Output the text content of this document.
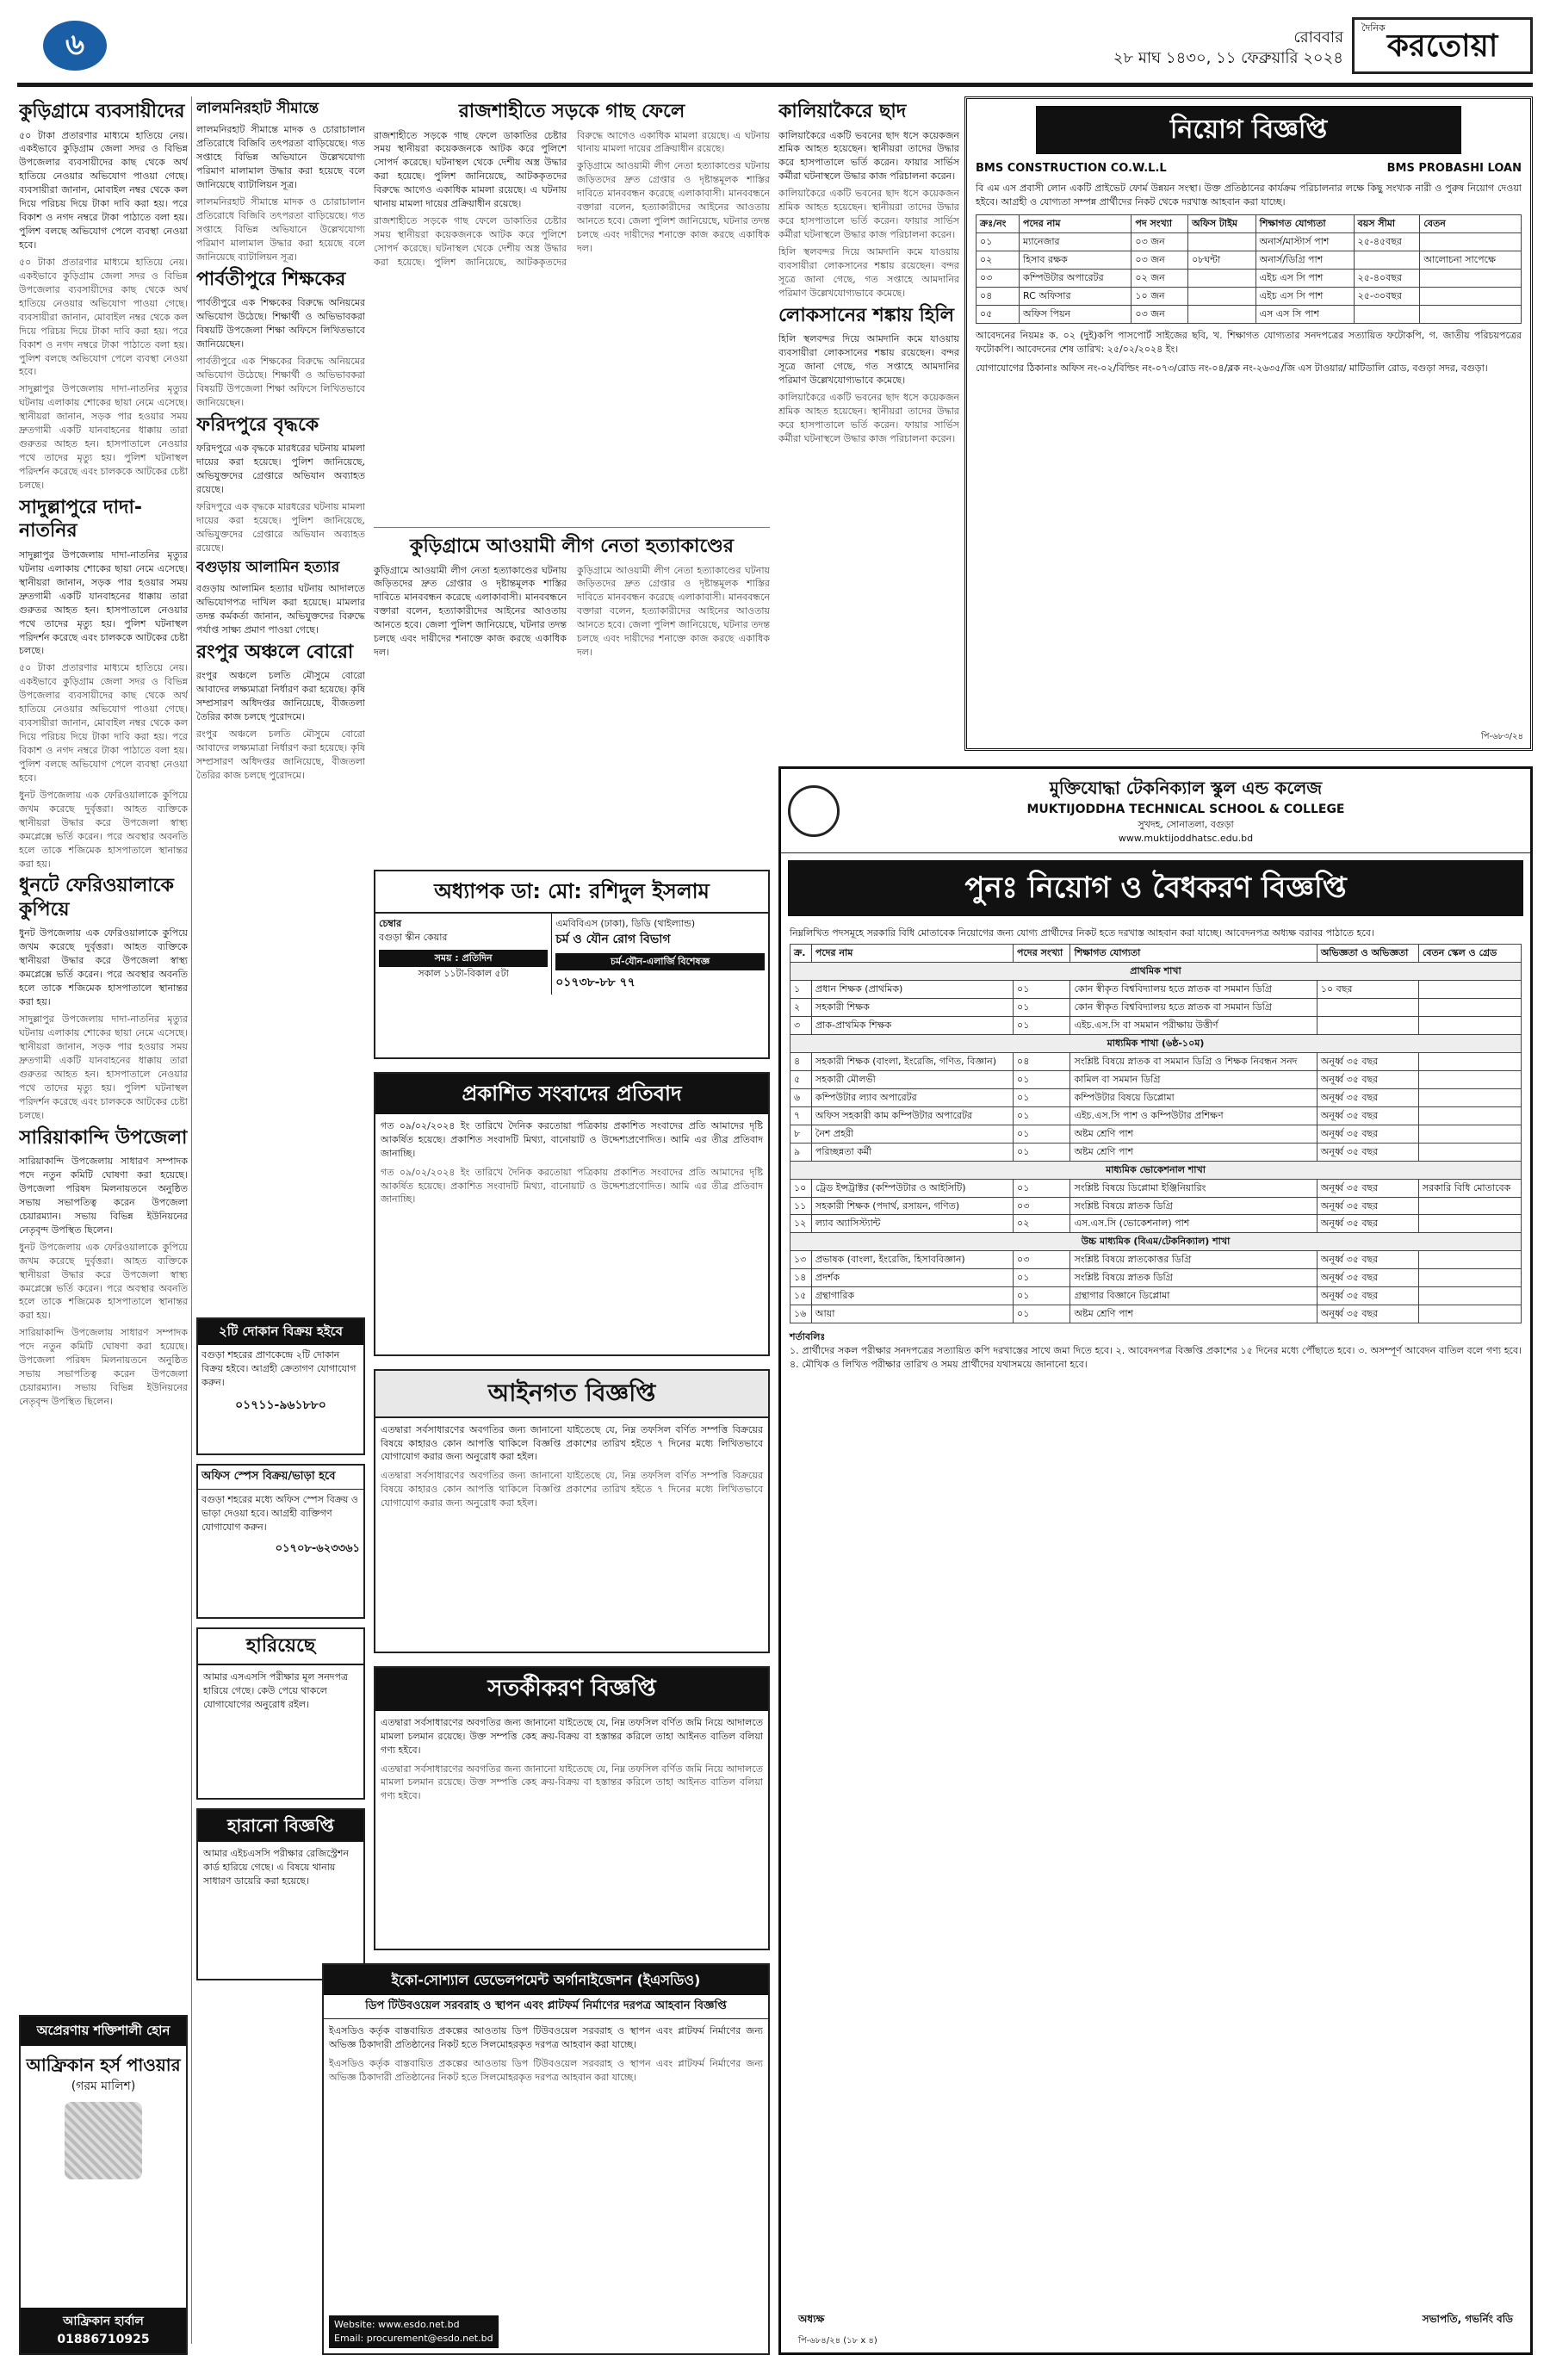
৬	রোববার
২৮ মাঘ ১৪৩০, ১১ ফেব্রুয়ারি ২০২৪
দৈনিক করতোয়া
কুড়িগ্রামে ব্যবসায়ীদের

৫০ টাকা প্রতারণার মাধ্যমে হাতিয়ে নেয়। একইভাবে কুড়িগ্রাম জেলা সদর ও বিভিন্ন উপজেলার ব্যবসায়ীদের কাছ থেকে অর্থ হাতিয়ে নেওয়ার অভিযোগ পাওয়া গেছে। ব্যবসায়ীরা জানান, মোবাইল নম্বর থেকে কল দিয়ে পরিচয় দিয়ে টাকা দাবি করা হয়। পরে বিকাশ ও নগদ নম্বরে টাকা পাঠাতে বলা হয়। পুলিশ বলছে অভিযোগ পেলে ব্যবস্থা নেওয়া হবে।

৫০ টাকা প্রতারণার মাধ্যমে হাতিয়ে নেয়। একইভাবে কুড়িগ্রাম জেলা সদর ও বিভিন্ন উপজেলার ব্যবসায়ীদের কাছ থেকে অর্থ হাতিয়ে নেওয়ার অভিযোগ পাওয়া গেছে। ব্যবসায়ীরা জানান, মোবাইল নম্বর থেকে কল দিয়ে পরিচয় দিয়ে টাকা দাবি করা হয়। পরে বিকাশ ও নগদ নম্বরে টাকা পাঠাতে বলা হয়। পুলিশ বলছে অভিযোগ পেলে ব্যবস্থা নেওয়া হবে।

সাদুল্লাপুর উপজেলায় দাদা-নাতনির মৃত্যুর ঘটনায় এলাকায় শোকের ছায়া নেমে এসেছে। স্থানীয়রা জানান, সড়ক পার হওয়ার সময় দ্রুতগামী একটি যানবাহনের ধাক্কায় তারা গুরুতর আহত হন। হাসপাতালে নেওয়ার পথে তাদের মৃত্যু হয়। পুলিশ ঘটনাস্থল পরিদর্শন করেছে এবং চালককে আটকের চেষ্টা চলছে।

সাদুল্লাপুরে দাদা-নাতনির

সাদুল্লাপুর উপজেলায় দাদা-নাতনির মৃত্যুর ঘটনায় এলাকায় শোকের ছায়া নেমে এসেছে। স্থানীয়রা জানান, সড়ক পার হওয়ার সময় দ্রুতগামী একটি যানবাহনের ধাক্কায় তারা গুরুতর আহত হন। হাসপাতালে নেওয়ার পথে তাদের মৃত্যু হয়। পুলিশ ঘটনাস্থল পরিদর্শন করেছে এবং চালককে আটকের চেষ্টা চলছে।

৫০ টাকা প্রতারণার মাধ্যমে হাতিয়ে নেয়। একইভাবে কুড়িগ্রাম জেলা সদর ও বিভিন্ন উপজেলার ব্যবসায়ীদের কাছ থেকে অর্থ হাতিয়ে নেওয়ার অভিযোগ পাওয়া গেছে। ব্যবসায়ীরা জানান, মোবাইল নম্বর থেকে কল দিয়ে পরিচয় দিয়ে টাকা দাবি করা হয়। পরে বিকাশ ও নগদ নম্বরে টাকা পাঠাতে বলা হয়। পুলিশ বলছে অভিযোগ পেলে ব্যবস্থা নেওয়া হবে।

ধুনট উপজেলায় এক ফেরিওয়ালাকে কুপিয়ে জখম করেছে দুর্বৃত্তরা। আহত ব্যক্তিকে স্থানীয়রা উদ্ধার করে উপজেলা স্বাস্থ্য কমপ্লেক্সে ভর্তি করেন। পরে অবস্থার অবনতি হলে তাকে শজিমেক হাসপাতালে স্থানান্তর করা হয়।

ধুনটে ফেরিওয়ালাকে কুপিয়ে

ধুনট উপজেলায় এক ফেরিওয়ালাকে কুপিয়ে জখম করেছে দুর্বৃত্তরা। আহত ব্যক্তিকে স্থানীয়রা উদ্ধার করে উপজেলা স্বাস্থ্য কমপ্লেক্সে ভর্তি করেন। পরে অবস্থার অবনতি হলে তাকে শজিমেক হাসপাতালে স্থানান্তর করা হয়।

সাদুল্লাপুর উপজেলায় দাদা-নাতনির মৃত্যুর ঘটনায় এলাকায় শোকের ছায়া নেমে এসেছে। স্থানীয়রা জানান, সড়ক পার হওয়ার সময় দ্রুতগামী একটি যানবাহনের ধাক্কায় তারা গুরুতর আহত হন। হাসপাতালে নেওয়ার পথে তাদের মৃত্যু হয়। পুলিশ ঘটনাস্থল পরিদর্শন করেছে এবং চালককে আটকের চেষ্টা চলছে।

সারিয়াকান্দি উপজেলা

সারিয়াকান্দি উপজেলায় সাধারণ সম্পাদক পদে নতুন কমিটি ঘোষণা করা হয়েছে। উপজেলা পরিষদ মিলনায়তনে অনুষ্ঠিত সভায় সভাপতিত্ব করেন উপজেলা চেয়ারম্যান। সভায় বিভিন্ন ইউনিয়নের নেতৃবৃন্দ উপস্থিত ছিলেন।

ধুনট উপজেলায় এক ফেরিওয়ালাকে কুপিয়ে জখম করেছে দুর্বৃত্তরা। আহত ব্যক্তিকে স্থানীয়রা উদ্ধার করে উপজেলা স্বাস্থ্য কমপ্লেক্সে ভর্তি করেন। পরে অবস্থার অবনতি হলে তাকে শজিমেক হাসপাতালে স্থানান্তর করা হয়।

সারিয়াকান্দি উপজেলায় সাধারণ সম্পাদক পদে নতুন কমিটি ঘোষণা করা হয়েছে। উপজেলা পরিষদ মিলনায়তনে অনুষ্ঠিত সভায় সভাপতিত্ব করেন উপজেলা চেয়ারম্যান। সভায় বিভিন্ন ইউনিয়নের নেতৃবৃন্দ উপস্থিত ছিলেন।

অপ্রেরণায় শক্তিশালী হোন
আফ্রিকান হর্স পাওয়ার
(গরম মালিশ)
আফ্রিকান হার্বাল 01886710925
লালমনিরহাট সীমান্তে

লালমনিরহাট সীমান্তে মাদক ও চোরাচালান প্রতিরোধে বিজিবি তৎপরতা বাড়িয়েছে। গত সপ্তাহে বিভিন্ন অভিযানে উল্লেখযোগ্য পরিমাণ মালামাল উদ্ধার করা হয়েছে বলে জানিয়েছে ব্যাটালিয়ন সূত্র।

লালমনিরহাট সীমান্তে মাদক ও চোরাচালান প্রতিরোধে বিজিবি তৎপরতা বাড়িয়েছে। গত সপ্তাহে বিভিন্ন অভিযানে উল্লেখযোগ্য পরিমাণ মালামাল উদ্ধার করা হয়েছে বলে জানিয়েছে ব্যাটালিয়ন সূত্র।

পার্বতীপুরে শিক্ষকের

পার্বতীপুরে এক শিক্ষকের বিরুদ্ধে অনিয়মের অভিযোগ উঠেছে। শিক্ষার্থী ও অভিভাবকরা বিষয়টি উপজেলা শিক্ষা অফিসে লিখিতভাবে জানিয়েছেন।

পার্বতীপুরে এক শিক্ষকের বিরুদ্ধে অনিয়মের অভিযোগ উঠেছে। শিক্ষার্থী ও অভিভাবকরা বিষয়টি উপজেলা শিক্ষা অফিসে লিখিতভাবে জানিয়েছেন।

ফরিদপুরে বৃদ্ধকে

ফরিদপুরে এক বৃদ্ধকে মারধরের ঘটনায় মামলা দায়ের করা হয়েছে। পুলিশ জানিয়েছে, অভিযুক্তদের গ্রেপ্তারে অভিযান অব্যাহত রয়েছে।

ফরিদপুরে এক বৃদ্ধকে মারধরের ঘটনায় মামলা দায়ের করা হয়েছে। পুলিশ জানিয়েছে, অভিযুক্তদের গ্রেপ্তারে অভিযান অব্যাহত রয়েছে।

বগুড়ায় আলামিন হত্যার

বগুড়ায় আলামিন হত্যার ঘটনায় আদালতে অভিযোগপত্র দাখিল করা হয়েছে। মামলার তদন্ত কর্মকর্তা জানান, অভিযুক্তদের বিরুদ্ধে পর্যাপ্ত সাক্ষ্য প্রমাণ পাওয়া গেছে।

রংপুর অঞ্চলে বোরো

রংপুর অঞ্চলে চলতি মৌসুমে বোরো আবাদের লক্ষ্যমাত্রা নির্ধারণ করা হয়েছে। কৃষি সম্প্রসারণ অধিদপ্তর জানিয়েছে, বীজতলা তৈরির কাজ চলছে পুরোদমে।

রংপুর অঞ্চলে চলতি মৌসুমে বোরো আবাদের লক্ষ্যমাত্রা নির্ধারণ করা হয়েছে। কৃষি সম্প্রসারণ অধিদপ্তর জানিয়েছে, বীজতলা তৈরির কাজ চলছে পুরোদমে।

২টি দোকান বিক্রয় হইবে
বগুড়া শহরের প্রাণকেন্দ্রে ২টি দোকান বিক্রয় হইবে। আগ্রহী ক্রেতাগণ যোগাযোগ করুন।
০১৭১১-৯৬১৮৮০
অফিস স্পেস বিক্রয়/ভাড়া হবে
বগুড়া শহরের মধ্যে অফিস স্পেস বিক্রয় ও ভাড়া দেওয়া হবে। আগ্রহী ব্যক্তিগণ যোগাযোগ করুন।
০১৭০৮-৬২৩৩৬১
হারিয়েছে
আমার এসএসসি পরীক্ষার মূল সনদপত্র হারিয়ে গেছে। কেউ পেয়ে থাকলে যোগাযোগের অনুরোধ রইল।
হারানো বিজ্ঞপ্তি
আমার এইচএসসি পরীক্ষার রেজিস্ট্রেশন কার্ড হারিয়ে গেছে। এ বিষয়ে থানায় সাধারণ ডায়েরি করা হয়েছে।
রাজশাহীতে সড়কে গাছ ফেলে

রাজশাহীতে সড়কে গাছ ফেলে ডাকাতির চেষ্টার সময় স্থানীয়রা কয়েকজনকে আটক করে পুলিশে সোপর্দ করেছে। ঘটনাস্থল থেকে দেশীয় অস্ত্র উদ্ধার করা হয়েছে। পুলিশ জানিয়েছে, আটককৃতদের বিরুদ্ধে আগেও একাধিক মামলা রয়েছে। এ ঘটনায় থানায় মামলা দায়ের প্রক্রিয়াধীন রয়েছে।

রাজশাহীতে সড়কে গাছ ফেলে ডাকাতির চেষ্টার সময় স্থানীয়রা কয়েকজনকে আটক করে পুলিশে সোপর্দ করেছে। ঘটনাস্থল থেকে দেশীয় অস্ত্র উদ্ধার করা হয়েছে। পুলিশ জানিয়েছে, আটককৃতদের বিরুদ্ধে আগেও একাধিক মামলা রয়েছে। এ ঘটনায় থানায় মামলা দায়ের প্রক্রিয়াধীন রয়েছে।

কুড়িগ্রামে আওয়ামী লীগ নেতা হত্যাকাণ্ডের ঘটনায় জড়িতদের দ্রুত গ্রেপ্তার ও দৃষ্টান্তমূলক শাস্তির দাবিতে মানববন্ধন করেছে এলাকাবাসী। মানববন্ধনে বক্তারা বলেন, হত্যাকারীদের আইনের আওতায় আনতে হবে। জেলা পুলিশ জানিয়েছে, ঘটনার তদন্ত চলছে এবং দায়ীদের শনাক্তে কাজ করছে একাধিক দল।

কুড়িগ্রামে আওয়ামী লীগ নেতা হত্যাকাণ্ডের

কুড়িগ্রামে আওয়ামী লীগ নেতা হত্যাকাণ্ডের ঘটনায় জড়িতদের দ্রুত গ্রেপ্তার ও দৃষ্টান্তমূলক শাস্তির দাবিতে মানববন্ধন করেছে এলাকাবাসী। মানববন্ধনে বক্তারা বলেন, হত্যাকারীদের আইনের আওতায় আনতে হবে। জেলা পুলিশ জানিয়েছে, ঘটনার তদন্ত চলছে এবং দায়ীদের শনাক্তে কাজ করছে একাধিক দল।

কুড়িগ্রামে আওয়ামী লীগ নেতা হত্যাকাণ্ডের ঘটনায় জড়িতদের দ্রুত গ্রেপ্তার ও দৃষ্টান্তমূলক শাস্তির দাবিতে মানববন্ধন করেছে এলাকাবাসী। মানববন্ধনে বক্তারা বলেন, হত্যাকারীদের আইনের আওতায় আনতে হবে। জেলা পুলিশ জানিয়েছে, ঘটনার তদন্ত চলছে এবং দায়ীদের শনাক্তে কাজ করছে একাধিক দল।

অধ্যাপক ডা: মো: রশিদুল ইসলাম
চেম্বার
বগুড়া স্কীন কেয়ার
সময় : প্রতিদিন
সকাল ১১টা-বিকাল ৫টা
এমবিবিএস (ঢাকা), ডিডি (থাইল্যান্ড)
চর্ম ও যৌন রোগ বিভাগ
চর্ম-যৌন-এলার্জি বিশেষজ্ঞ
০১৭৩৮-৮৮ ৭৭
প্রকাশিত সংবাদের প্রতিবাদ
গত ০৯/০২/২০২৪ ইং তারিখে দৈনিক করতোয়া পত্রিকায় প্রকাশিত সংবাদের প্রতি আমাদের দৃষ্টি আকর্ষিত হয়েছে। প্রকাশিত সংবাদটি মিথ্যা, বানোয়াট ও উদ্দেশ্যপ্রণোদিত। আমি এর তীব্র প্রতিবাদ জানাচ্ছি।
গত ০৯/০২/২০২৪ ইং তারিখে দৈনিক করতোয়া পত্রিকায় প্রকাশিত সংবাদের প্রতি আমাদের দৃষ্টি আকর্ষিত হয়েছে। প্রকাশিত সংবাদটি মিথ্যা, বানোয়াট ও উদ্দেশ্যপ্রণোদিত। আমি এর তীব্র প্রতিবাদ জানাচ্ছি।
আইনগত বিজ্ঞপ্তি
এতদ্বারা সর্বসাধারণের অবগতির জন্য জানানো যাইতেছে যে, নিম্ন তফসিল বর্ণিত সম্পত্তি বিক্রয়ের বিষয়ে কাহারও কোন আপত্তি থাকিলে বিজ্ঞপ্তি প্রকাশের তারিখ হইতে ৭ দিনের মধ্যে লিখিতভাবে যোগাযোগ করার জন্য অনুরোধ করা হইল।
এতদ্বারা সর্বসাধারণের অবগতির জন্য জানানো যাইতেছে যে, নিম্ন তফসিল বর্ণিত সম্পত্তি বিক্রয়ের বিষয়ে কাহারও কোন আপত্তি থাকিলে বিজ্ঞপ্তি প্রকাশের তারিখ হইতে ৭ দিনের মধ্যে লিখিতভাবে যোগাযোগ করার জন্য অনুরোধ করা হইল।
সতর্কীকরণ বিজ্ঞপ্তি
এতদ্বারা সর্বসাধারণের অবগতির জন্য জানানো যাইতেছে যে, নিম্ন তফসিল বর্ণিত জমি নিয়ে আদালতে মামলা চলমান রয়েছে। উক্ত সম্পত্তি কেহ ক্রয়-বিক্রয় বা হস্তান্তর করিলে তাহা আইনত বাতিল বলিয়া গণ্য হইবে।
এতদ্বারা সর্বসাধারণের অবগতির জন্য জানানো যাইতেছে যে, নিম্ন তফসিল বর্ণিত জমি নিয়ে আদালতে মামলা চলমান রয়েছে। উক্ত সম্পত্তি কেহ ক্রয়-বিক্রয় বা হস্তান্তর করিলে তাহা আইনত বাতিল বলিয়া গণ্য হইবে।
ইকো-সোশ্যাল ডেভেলপমেন্ট অর্গানাইজেশন (ইএসডিও)
ডিপ টিউবওয়েল সরবরাহ ও স্থাপন এবং প্লাটফর্ম নির্মাণের দরপত্র আহবান বিজ্ঞপ্তি
ইএসডিও কর্তৃক বাস্তবায়িত প্রকল্পের আওতায় ডিপ টিউবওয়েল সরবরাহ ও স্থাপন এবং প্লাটফর্ম নির্মাণের জন্য অভিজ্ঞ ঠিকাদারী প্রতিষ্ঠানের নিকট হতে সিলমোহরকৃত দরপত্র আহবান করা যাচ্ছে।
ইএসডিও কর্তৃক বাস্তবায়িত প্রকল্পের আওতায় ডিপ টিউবওয়েল সরবরাহ ও স্থাপন এবং প্লাটফর্ম নির্মাণের জন্য অভিজ্ঞ ঠিকাদারী প্রতিষ্ঠানের নিকট হতে সিলমোহরকৃত দরপত্র আহবান করা যাচ্ছে।
Website: www.esdo.net.bd
Email: procurement@esdo.net.bd
কালিয়াকৈরে ছাদ

কালিয়াকৈরে একটি ভবনের ছাদ ধসে কয়েকজন শ্রমিক আহত হয়েছেন। স্থানীয়রা তাদের উদ্ধার করে হাসপাতালে ভর্তি করেন। ফায়ার সার্ভিস কর্মীরা ঘটনাস্থলে উদ্ধার কাজ পরিচালনা করেন।

কালিয়াকৈরে একটি ভবনের ছাদ ধসে কয়েকজন শ্রমিক আহত হয়েছেন। স্থানীয়রা তাদের উদ্ধার করে হাসপাতালে ভর্তি করেন। ফায়ার সার্ভিস কর্মীরা ঘটনাস্থলে উদ্ধার কাজ পরিচালনা করেন।

হিলি স্থলবন্দর দিয়ে আমদানি কমে যাওয়ায় ব্যবসায়ীরা লোকসানের শঙ্কায় রয়েছেন। বন্দর সূত্রে জানা গেছে, গত সপ্তাহে আমদানির পরিমাণ উল্লেখযোগ্যভাবে কমেছে।

লোকসানের শঙ্কায় হিলি

হিলি স্থলবন্দর দিয়ে আমদানি কমে যাওয়ায় ব্যবসায়ীরা লোকসানের শঙ্কায় রয়েছেন। বন্দর সূত্রে জানা গেছে, গত সপ্তাহে আমদানির পরিমাণ উল্লেখযোগ্যভাবে কমেছে।

কালিয়াকৈরে একটি ভবনের ছাদ ধসে কয়েকজন শ্রমিক আহত হয়েছেন। স্থানীয়রা তাদের উদ্ধার করে হাসপাতালে ভর্তি করেন। ফায়ার সার্ভিস কর্মীরা ঘটনাস্থলে উদ্ধার কাজ পরিচালনা করেন।

নিয়োগ বিজ্ঞপ্তি
BMS CONSTRUCTION CO.W.L.L	BMS PROBASHI LOAN
বি এম এস প্রবাসী লোন একটি প্রাইভেট ফোর্ম উন্নয়ন সংস্থা। উক্ত প্রতিষ্ঠানের কার্যক্রম পরিচালনার লক্ষে কিছু সংখ্যক নারী ও পুরুষ নিয়োগ দেওয়া হইবে। আগ্রহী ও যোগ্যতা সম্পন্ন প্রার্থীদের নিকট থেকে দরখাস্ত আহবান করা যাচ্ছে।
ক্রঃ/নং	পদের নাম	পদ সংখ্যা	অফিস টাইম	শিক্ষাগত যোগ্যতা	বয়স সীমা	বেতন
০১	ম্যানেজার	০৩ জন		অনার্স/মাস্টার্স পাশ	২৫-৪৫বছর	
০২	হিসাব রক্ষক	০৩ জন	০৮ঘন্টা	অনার্স/ডিগ্রি পাশ		আলোচনা সাপেক্ষে
০৩	কম্পিউটার অপারেটর	০২ জন		এইচ এস সি পাশ	২৫-৪০বছর	
০৪	RC অফিসার	১০ জন		এইচ এস সি পাশ	২৫-৩০বছর	
০৫	অফিস পিয়ন	০৩ জন		এস এস সি পাশ		
আবেদনের নিয়মঃ ক. ০২ (দুই)কপি পাসপোর্ট সাইজের ছবি, খ. শিক্ষাগত যোগ্যতার সনদপত্রের সত্যায়িত ফটোকপি, গ. জাতীয় পরিচয়পত্রের ফটোকপি। আবেদনের শেষ তারিখ: ২৫/০২/২০২৪ ইং।
যোগাযোগের ঠিকানাঃ অফিস নং-০২/বিল্ডিং নং-০৭৩/রোড নং-০৪/ব্লক নং-২৬৩৫/জি এস টাওয়ার/ মাটিডালি রোড, বগুড়া সদর, বগুড়া।
পি-৬৮৩/২৪
মুক্তিযোদ্ধা টেকনিক্যাল স্কুল এন্ড কলেজ
MUKTIJODDHA TECHNICAL SCHOOL & COLLEGE
সুখদহ, সোনাতলা, বগুড়া
www.muktijoddhatsc.edu.bd
পুনঃ নিয়োগ ও বৈধকরণ বিজ্ঞপ্তি
নিম্নলিখিত পদসমূহে সরকারি বিধি মোতাবেক নিয়োগের জন্য যোগ্য প্রার্থীদের নিকট হতে দরখাস্ত আহবান করা যাচ্ছে। আবেদনপত্র অধ্যক্ষ বরাবর পাঠাতে হবে।
ক্র.	পদের নাম	পদের সংখ্যা	শিক্ষাগত যোগ্যতা	অভিজ্ঞতা ও অভিজ্ঞতা	বেতন স্কেল ও গ্রেড
প্রাথমিক শাখা					
১	প্রধান শিক্ষক (প্রাথমিক)	০১	কোন স্বীকৃত বিশ্ববিদ্যালয় হতে স্নাতক বা সমমান ডিগ্রি	১০ বছর	
২	সহকারী শিক্ষক	০১	কোন স্বীকৃত বিশ্ববিদ্যালয় হতে স্নাতক বা সমমান ডিগ্রি		
৩	প্রাক-প্রাথমিক শিক্ষক	০১	এইচ.এস.সি বা সমমান পরীক্ষায় উত্তীর্ণ		
মাধ্যমিক শাখা (৬ষ্ঠ-১০ম)					
৪	সহকারী শিক্ষক (বাংলা, ইংরেজি, গণিত, বিজ্ঞান)	০৪	সংশ্লিষ্ট বিষয়ে স্নাতক বা সমমান ডিগ্রি ও শিক্ষক নিবন্ধন সনদ	অনূর্ধ্ব ৩৫ বছর	
৫	সহকারী মৌলভী	০১	কামিল বা সমমান ডিগ্রি	অনূর্ধ্ব ৩৫ বছর	
৬	কম্পিউটার ল্যাব অপারেটর	০১	কম্পিউটার বিষয়ে ডিপ্লোমা	অনূর্ধ্ব ৩৫ বছর	
৭	অফিস সহকারী কাম কম্পিউটার অপারেটর	০১	এইচ.এস.সি পাশ ও কম্পিউটার প্রশিক্ষণ	অনূর্ধ্ব ৩৫ বছর	
৮	নৈশ প্রহরী	০১	অষ্টম শ্রেণি পাশ	অনূর্ধ্ব ৩৫ বছর	
৯	পরিচ্ছন্নতা কর্মী	০১	অষ্টম শ্রেণি পাশ	অনূর্ধ্ব ৩৫ বছর	
মাধ্যমিক ভোকেশনাল শাখা					
১০	ট্রেড ইন্সট্রাক্টর (কম্পিউটার ও আইসিটি)	০১	সংশ্লিষ্ট বিষয়ে ডিপ্লোমা ইঞ্জিনিয়ারিং	অনূর্ধ্ব ৩৫ বছর	সরকারি বিধি মোতাবেক
১১	সহকারী শিক্ষক (পদার্থ, রসায়ন, গণিত)	০৩	সংশ্লিষ্ট বিষয়ে স্নাতক ডিগ্রি	অনূর্ধ্ব ৩৫ বছর	
১২	ল্যাব অ্যাসিস্ট্যান্ট	০২	এস.এস.সি (ভোকেশনাল) পাশ	অনূর্ধ্ব ৩৫ বছর	
উচ্চ মাধ্যমিক (বিএম/টেকনিক্যাল) শাখা					
১৩	প্রভাষক (বাংলা, ইংরেজি, হিসাববিজ্ঞান)	০৩	সংশ্লিষ্ট বিষয়ে স্নাতকোত্তর ডিগ্রি	অনূর্ধ্ব ৩৫ বছর	
১৪	প্রদর্শক	০১	সংশ্লিষ্ট বিষয়ে স্নাতক ডিগ্রি	অনূর্ধ্ব ৩৫ বছর	
১৫	গ্রন্থাগারিক	০১	গ্রন্থাগার বিজ্ঞানে ডিপ্লোমা	অনূর্ধ্ব ৩৫ বছর	
১৬	আয়া	০১	অষ্টম শ্রেণি পাশ	অনূর্ধ্ব ৩৫ বছর	
শর্তাবলিঃ
১. প্রার্থীদের সকল পরীক্ষার সনদপত্রের সত্যায়িত কপি দরখাস্তের সাথে জমা দিতে হবে। ২. আবেদনপত্র বিজ্ঞপ্তি প্রকাশের ১৫ দিনের মধ্যে পৌঁছাতে হবে। ৩. অসম্পূর্ণ আবেদন বাতিল বলে গণ্য হবে। ৪. মৌখিক ও লিখিত পরীক্ষার তারিখ ও সময় প্রার্থীদের যথাসময়ে জানানো হবে।
অধ্যক্ষ	সভাপতি, গভর্নিং বডি
পি-৬৮৪/২৪ (১৮ x ৪)
